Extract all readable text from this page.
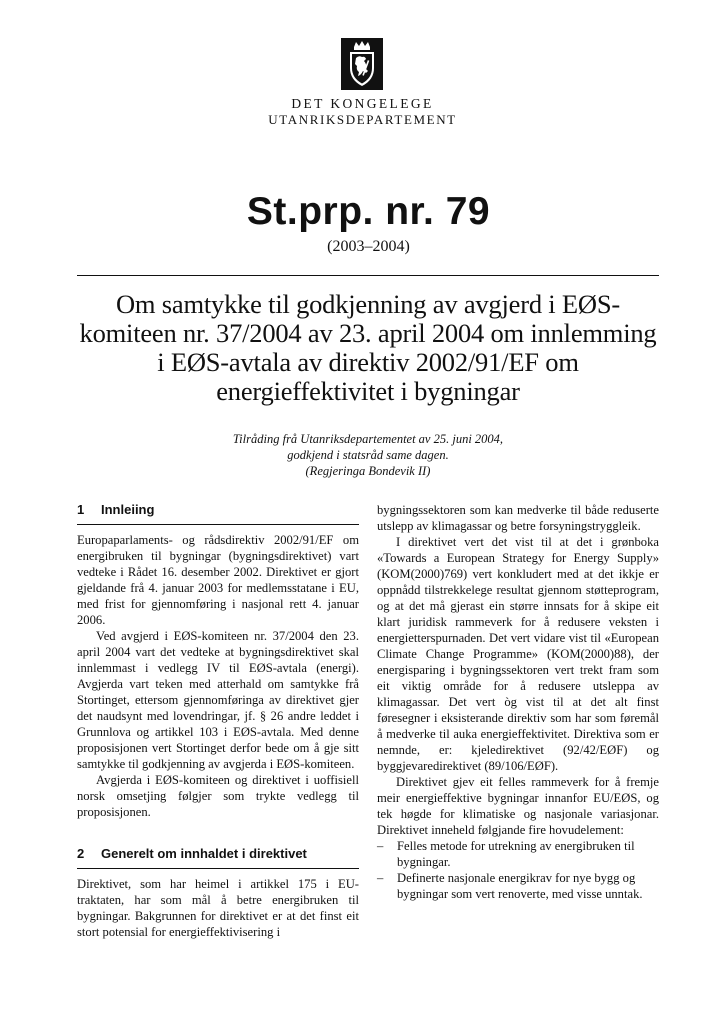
DET KONGELEGE
UTANRIKSDEPARTEMENT
St.prp. nr. 79
(2003–2004)
Om samtykke til godkjenning av avgjerd i EØS-komiteen nr. 37/2004 av 23. april 2004 om innlemming i EØS-avtala av direktiv 2002/91/EF om energieffektivitet i bygningar
Tilråding frå Utanriksdepartementet av 25. juni 2004,
godkjend i statsråd same dagen.
(Regjeringa Bondevik II)
1	Innleiing

Europaparlaments- og rådsdirektiv 2002/91/EF om energibruken til bygningar (bygningsdirektivet) vart vedteke i Rådet 16. desember 2002. Direktivet er gjort gjeldande frå 4. januar 2003 for medlemsstatane i EU, med frist for gjennomføring i nasjonal rett 4. januar 2006.

Ved avgjerd i EØS-komiteen nr. 37/2004 den 23. april 2004 vart det vedteke at bygningsdirektivet skal innlemmast i vedlegg IV til EØS-avtala (energi). Avgjerda vart teken med atterhald om samtykke frå Stortinget, ettersom gjennomføringa av direktivet gjer det naudsynt med lovendringar, jf. § 26 andre leddet i Grunnlova og artikkel 103 i EØS-avtala. Med denne proposisjonen vert Stortinget derfor bede om å gje sitt samtykke til godkjenning av avgjerda i EØS-komiteen.

Avgjerda i EØS-komiteen og direktivet i uoffisiell norsk omsetjing følgjer som trykte vedlegg til proposisjonen.

2	Generelt om innhaldet i direktivet

Direktivet, som har heimel i artikkel 175 i EU-traktaten, har som mål å betre energibruken til bygningar. Bakgrunnen for direktivet er at det finst eit stort potensial for energieffektivisering i

bygningssektoren som kan medverke til både reduserte utslepp av klimagassar og betre forsyningstryggleik.

I direktivet vert det vist til at det i grønboka «Towards a European Strategy for Energy Supply» (KOM(2000)769) vert konkludert med at det ikkje er oppnådd tilstrekkelege resultat gjennom støtteprogram, og at det må gjerast ein større innsats for å skipe eit klart juridisk rammeverk for å redusere veksten i energietterspurnaden. Det vert vidare vist til «European Climate Change Programme» (KOM(2000)88), der energisparing i bygningssektoren vert trekt fram som eit viktig område for å redusere utsleppa av klimagassar. Det vert òg vist til at det alt finst føresegner i eksisterande direktiv som har som føremål å medverke til auka energieffektivitet. Direktiva som er nemnde, er: kjeledirektivet (92/42/EØF) og byggjevaredirektivet (89/106/EØF).

Direktivet gjev eit felles rammeverk for å fremje meir energieffektive bygningar innanfor EU/EØS, og tek høgde for klimatiske og nasjonale variasjonar. Direktivet inneheld følgjande fire hovudelement:

–	Felles metode for utrekning av energibruken til bygningar.
–	Definerte nasjonale energikrav for nye bygg og bygningar som vert renoverte, med visse unntak.
